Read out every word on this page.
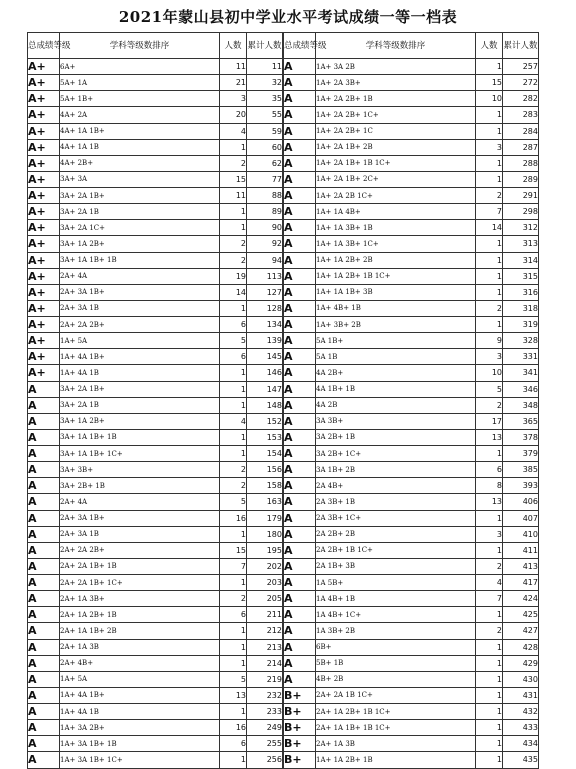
2021年蒙山县初中学业水平考试成绩一等一档表
总成绩等级	学科等级数排序	人数	累计人数
A+	6A+	11	11
A+	5A+ 1A	21	32
A+	5A+ 1B+	3	35
A+	4A+ 2A	20	55
A+	4A+ 1A 1B+	4	59
A+	4A+ 1A 1B	1	60
A+	4A+ 2B+	2	62
A+	3A+ 3A	15	77
A+	3A+ 2A 1B+	11	88
A+	3A+ 2A 1B	1	89
A+	3A+ 2A 1C+	1	90
A+	3A+ 1A 2B+	2	92
A+	3A+ 1A 1B+ 1B	2	94
A+	2A+ 4A	19	113
A+	2A+ 3A 1B+	14	127
A+	2A+ 3A 1B	1	128
A+	2A+ 2A 2B+	6	134
A+	1A+ 5A	5	139
A+	1A+ 4A 1B+	6	145
A+	1A+ 4A 1B	1	146
A	3A+ 2A 1B+	1	147
A	3A+ 2A 1B	1	148
A	3A+ 1A 2B+	4	152
A	3A+ 1A 1B+ 1B	1	153
A	3A+ 1A 1B+ 1C+	1	154
A	3A+ 3B+	2	156
A	3A+ 2B+ 1B	2	158
A	2A+ 4A	5	163
A	2A+ 3A 1B+	16	179
A	2A+ 3A 1B	1	180
A	2A+ 2A 2B+	15	195
A	2A+ 2A 1B+ 1B	7	202
A	2A+ 2A 1B+ 1C+	1	203
A	2A+ 1A 3B+	2	205
A	2A+ 1A 2B+ 1B	6	211
A	2A+ 1A 1B+ 2B	1	212
A	2A+ 1A 3B	1	213
A	2A+ 4B+	1	214
A	1A+ 5A	5	219
A	1A+ 4A 1B+	13	232
A	1A+ 4A 1B	1	233
A	1A+ 3A 2B+	16	249
A	1A+ 3A 1B+ 1B	6	255
A	1A+ 3A 1B+ 1C+	1	256
总成绩等级	学科等级数排序	人数	累计人数
A	1A+ 3A 2B	1	257
A	1A+ 2A 3B+	15	272
A	1A+ 2A 2B+ 1B	10	282
A	1A+ 2A 2B+ 1C+	1	283
A	1A+ 2A 2B+ 1C	1	284
A	1A+ 2A 1B+ 2B	3	287
A	1A+ 2A 1B+ 1B 1C+	1	288
A	1A+ 2A 1B+ 2C+	1	289
A	1A+ 2A 2B 1C+	2	291
A	1A+ 1A 4B+	7	298
A	1A+ 1A 3B+ 1B	14	312
A	1A+ 1A 3B+ 1C+	1	313
A	1A+ 1A 2B+ 2B	1	314
A	1A+ 1A 2B+ 1B 1C+	1	315
A	1A+ 1A 1B+ 3B	1	316
A	1A+ 4B+ 1B	2	318
A	1A+ 3B+ 2B	1	319
A	5A 1B+	9	328
A	5A 1B	3	331
A	4A 2B+	10	341
A	4A 1B+ 1B	5	346
A	4A 2B	2	348
A	3A 3B+	17	365
A	3A 2B+ 1B	13	378
A	3A 2B+ 1C+	1	379
A	3A 1B+ 2B	6	385
A	2A 4B+	8	393
A	2A 3B+ 1B	13	406
A	2A 3B+ 1C+	1	407
A	2A 2B+ 2B	3	410
A	2A 2B+ 1B 1C+	1	411
A	2A 1B+ 3B	2	413
A	1A 5B+	4	417
A	1A 4B+ 1B	7	424
A	1A 4B+ 1C+	1	425
A	1A 3B+ 2B	2	427
A	6B+	1	428
A	5B+ 1B	1	429
A	4B+ 2B	1	430
B+	2A+ 2A 1B 1C+	1	431
B+	2A+ 1A 2B+ 1B 1C+	1	432
B+	2A+ 1A 1B+ 1B 1C+	1	433
B+	2A+ 1A 3B	1	434
B+	1A+ 1A 2B+ 1B	1	435
